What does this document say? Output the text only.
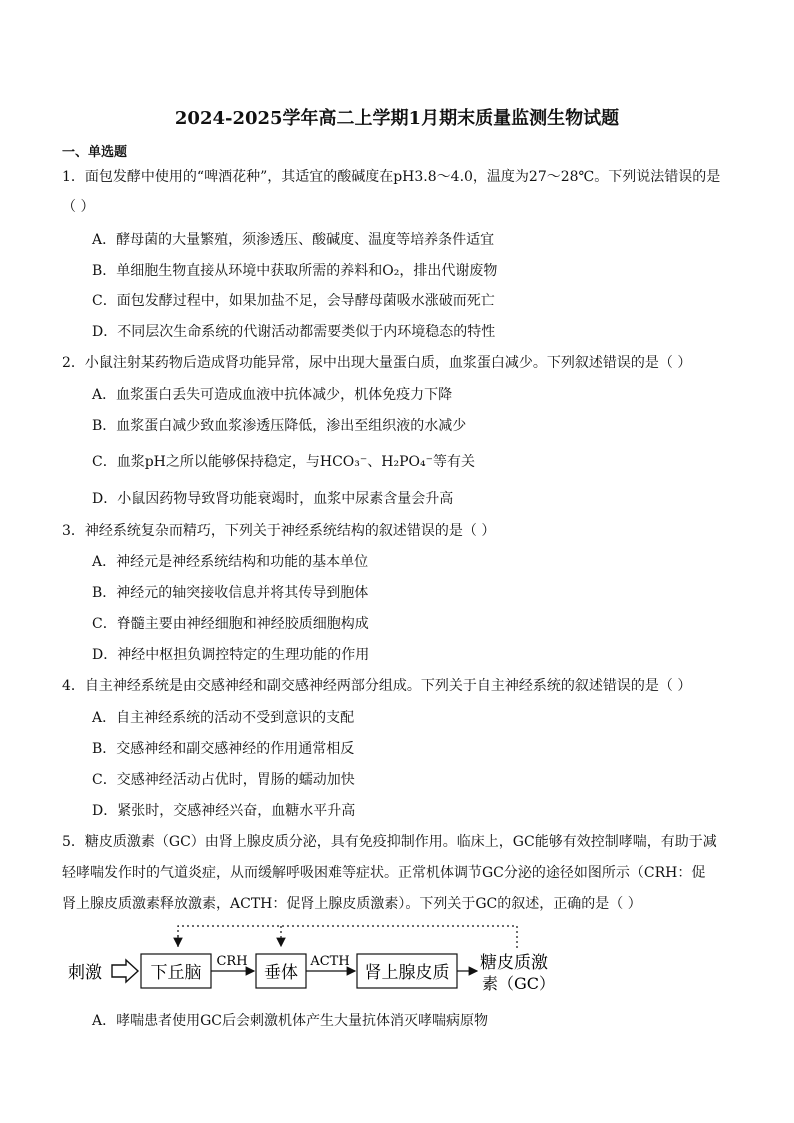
2024-2025学年高二上学期1月期末质量监测生物试题
一、单选题
1．面包发酵中使用的“啤酒花种”，其适宜的酸碱度在pH3.8～4.0，温度为27～28℃。下列说法错误的是
（ ）
A．酵母菌的大量繁殖，须渗透压、酸碱度、温度等培养条件适宜
B．单细胞生物直接从环境中获取所需的养料和O₂，排出代谢废物
C．面包发酵过程中，如果加盐不足，会导酵母菌吸水涨破而死亡
D．不同层次生命系统的代谢活动都需要类似于内环境稳态的特性
2．小鼠注射某药物后造成肾功能异常，尿中出现大量蛋白质，血浆蛋白减少。下列叙述错误的是（ ）
A．血浆蛋白丢失可造成血液中抗体减少，机体免疫力下降
B．血浆蛋白减少致血浆渗透压降低，渗出至组织液的水减少
C．血浆pH之所以能够保持稳定，与HCO₃⁻、H₂PO₄⁻等有关
D．小鼠因药物导致肾功能衰竭时，血浆中尿素含量会升高
3．神经系统复杂而精巧，下列关于神经系统结构的叙述错误的是（ ）
A．神经元是神经系统结构和功能的基本单位
B．神经元的轴突接收信息并将其传导到胞体
C．脊髓主要由神经细胞和神经胶质细胞构成
D．神经中枢担负调控特定的生理功能的作用
4．自主神经系统是由交感神经和副交感神经两部分组成。下列关于自主神经系统的叙述错误的是（ ）
A．自主神经系统的活动不受到意识的支配
B．交感神经和副交感神经的作用通常相反
C．交感神经活动占优时，胃肠的蠕动加快
D．紧张时，交感神经兴奋，血糖水平升高
5．糖皮质激素（GC）由肾上腺皮质分泌，具有免疫抑制作用。临床上，GC能够有效控制哮喘，有助于减
轻哮喘发作时的气道炎症，从而缓解呼吸困难等症状。正常机体调节GC分泌的途径如图所示（CRH：促
肾上腺皮质激素释放激素，ACTH：促肾上腺皮质激素）。下列关于GC的叙述，正确的是（ ）
刺激	下丘脑
CRH
垂体
ACTH
肾上腺皮质 糖皮质激
素（GC）
A．哮喘患者使用GC后会刺激机体产生大量抗体消灭哮喘病原物
